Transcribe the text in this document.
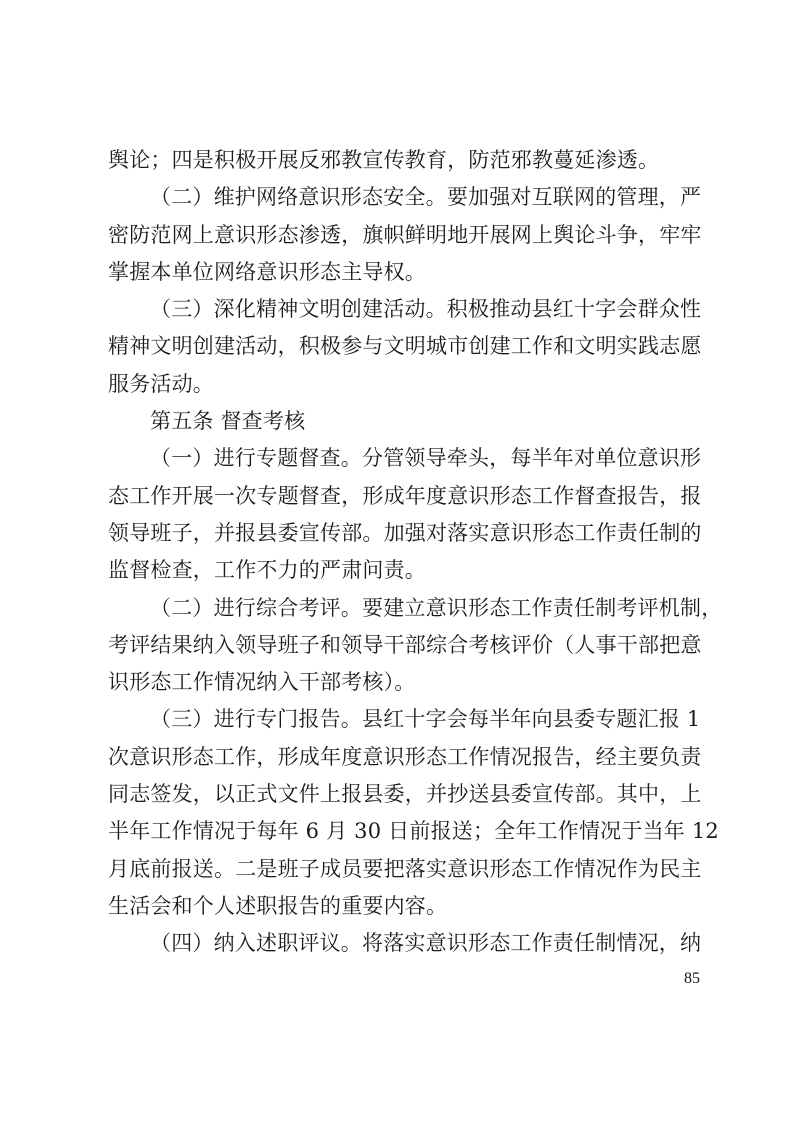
舆论；四是积极开展反邪教宣传教育，防范邪教蔓延渗透。
（二）维护网络意识形态安全。要加强对互联网的管理，严
密防范网上意识形态渗透，旗帜鲜明地开展网上舆论斗争，牢牢
掌握本单位网络意识形态主导权。
（三）深化精神文明创建活动。积极推动县红十字会群众性
精神文明创建活动，积极参与文明城市创建工作和文明实践志愿
服务活动。
第五条 督查考核
（一）进行专题督查。分管领导牵头，每半年对单位意识形
态工作开展一次专题督查，形成年度意识形态工作督查报告，报
领导班子，并报县委宣传部。加强对落实意识形态工作责任制的
监督检查，工作不力的严肃问责。
（二）进行综合考评。要建立意识形态工作责任制考评机制，
考评结果纳入领导班子和领导干部综合考核评价（人事干部把意
识形态工作情况纳入干部考核）。
（三）进行专门报告。县红十字会每半年向县委专题汇报 1
次意识形态工作，形成年度意识形态工作情况报告，经主要负责
同志签发，以正式文件上报县委，并抄送县委宣传部。其中，上
半年工作情况于每年 6 月 30 日前报送；全年工作情况于当年 12
月底前报送。二是班子成员要把落实意识形态工作情况作为民主
生活会和个人述职报告的重要内容。
（四）纳入述职评议。将落实意识形态工作责任制情况，纳
85
